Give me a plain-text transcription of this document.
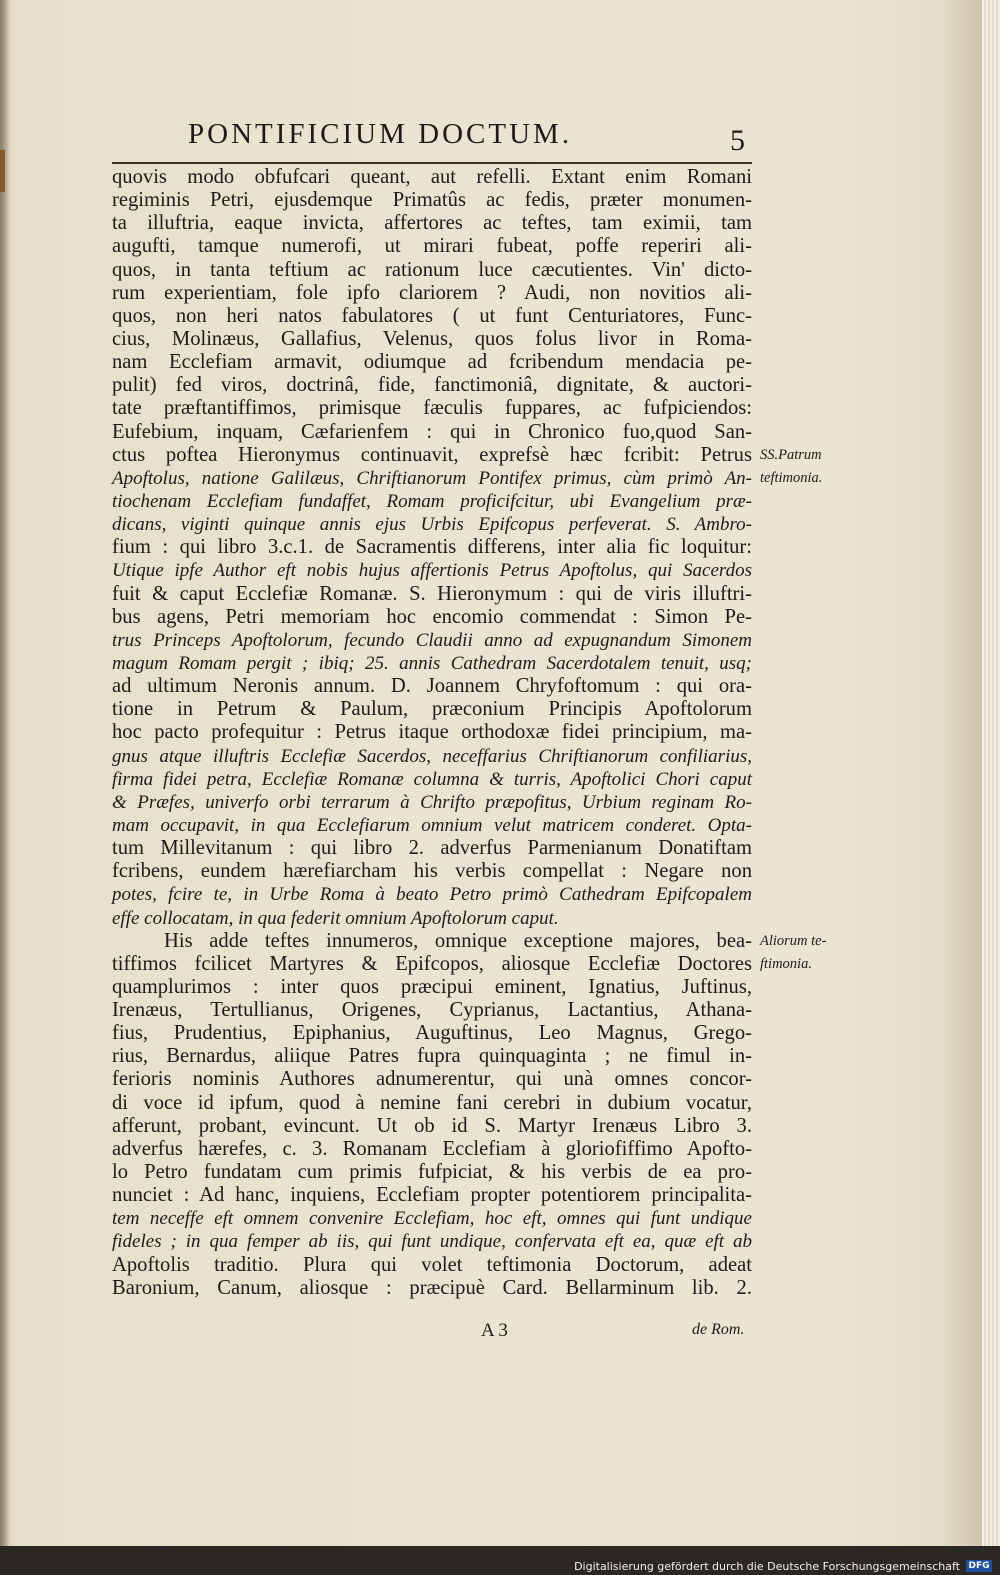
PONTIFICIUM DOCTUM.	5
quovis modo obfufcari queant, aut refelli. Extant enim Romani
regiminis Petri, ejusdemque Primatûs ac fedis, præter monumen-
ta illuftria, eaque invicta, affertores ac teftes, tam eximii, tam
augufti, tamque numerofi, ut mirari fubeat, poffe reperiri ali-
quos, in tanta teftium ac rationum luce cæcutientes. Vin' dicto-
rum experientiam, fole ipfo clariorem ? Audi, non novitios ali-
quos, non heri natos fabulatores ( ut funt Centuriatores, Func-
cius, Molinæus, Gallafius, Velenus, quos folus livor in Roma-
nam Ecclefiam armavit, odiumque ad fcribendum mendacia pe-
pulit) fed viros, doctrinâ, fide, fanctimoniâ, dignitate, & auctori-
tate præftantiffimos, primisque fæculis fuppares, ac fufpiciendos:
Eufebium, inquam, Cæfarienfem : qui in Chronico fuo,quod San-
ctus poftea Hieronymus continuavit, exprefsè hæc fcribit: Petrus
Apoftolus, natione Galilæus, Chriftianorum Pontifex primus, cùm primò An-
tiochenam Ecclefiam fundaffet, Romam proficifcitur, ubi Evangelium præ-
dicans, viginti quinque annis ejus Urbis Epifcopus perfeverat. S. Ambro-
fium : qui libro 3.c.1. de Sacramentis differens, inter alia fic loquitur:
Utique ipfe Author eft nobis hujus affertionis Petrus Apoftolus, qui Sacerdos
fuit & caput Ecclefiæ Romanæ. S. Hieronymum : qui de viris illuftri-
bus agens, Petri memoriam hoc encomio commendat : Simon Pe-
trus Princeps Apoftolorum, fecundo Claudii anno ad expugnandum Simonem
magum Romam pergit ; ibiq; 25. annis Cathedram Sacerdotalem tenuit, usq;
ad ultimum Neronis annum. D. Joannem Chryfoftomum : qui ora-
tione in Petrum & Paulum, præconium Principis Apoftolorum
hoc pacto profequitur : Petrus itaque orthodoxæ fidei principium, ma-
gnus atque illuftris Ecclefiæ Sacerdos, neceffarius Chriftianorum confiliarius,
firma fidei petra, Ecclefiæ Romanæ columna & turris, Apoftolici Chori caput
& Præfes, univerfo orbi terrarum à Chrifto præpofitus, Urbium reginam Ro-
mam occupavit, in qua Ecclefiarum omnium velut matricem conderet. Opta-
tum Millevitanum : qui libro 2. adverfus Parmenianum Donatiftam
fcribens, eundem hærefiarcham his verbis compellat : Negare non
potes, fcire te, in Urbe Roma à beato Petro primò Cathedram Epifcopalem
effe collocatam, in qua federit omnium Apoftolorum caput.
His adde teftes innumeros, omnique exceptione majores, bea-
tiffimos fcilicet Martyres & Epifcopos, aliosque Ecclefiæ Doctores
quamplurimos : inter quos præcipui eminent, Ignatius, Juftinus,
Irenæus, Tertullianus, Origenes, Cyprianus, Lactantius, Athana-
fius, Prudentius, Epiphanius, Auguftinus, Leo Magnus, Grego-
rius, Bernardus, aliique Patres fupra quinquaginta ; ne fimul in-
ferioris nominis Authores adnumerentur, qui unà omnes concor-
di voce id ipfum, quod à nemine fani cerebri in dubium vocatur,
afferunt, probant, evincunt. Ut ob id S. Martyr Irenæus Libro 3.
adverfus hærefes, c. 3. Romanam Ecclefiam à gloriofiffimo Apofto-
lo Petro fundatam cum primis fufpiciat, & his verbis de ea pro-
nunciet : Ad hanc, inquiens, Ecclefiam propter potentiorem principalita-
tem neceffe eft omnem convenire Ecclefiam, hoc eft, omnes qui funt undique
fideles ; in qua femper ab iis, qui funt undique, confervata eft ea, quæ eft ab
Apoftolis traditio. Plura qui volet teftimonia Doctorum, adeat
Baronium, Canum, aliosque : præcipuè Card. Bellarminum lib. 2.
A 3	de Rom.
Digitalisierung gefördert durch die Deutsche Forschungsgemeinschaft DFG
SS.Patrum
teftimonia.
Aliorum te-
ftimonia.
